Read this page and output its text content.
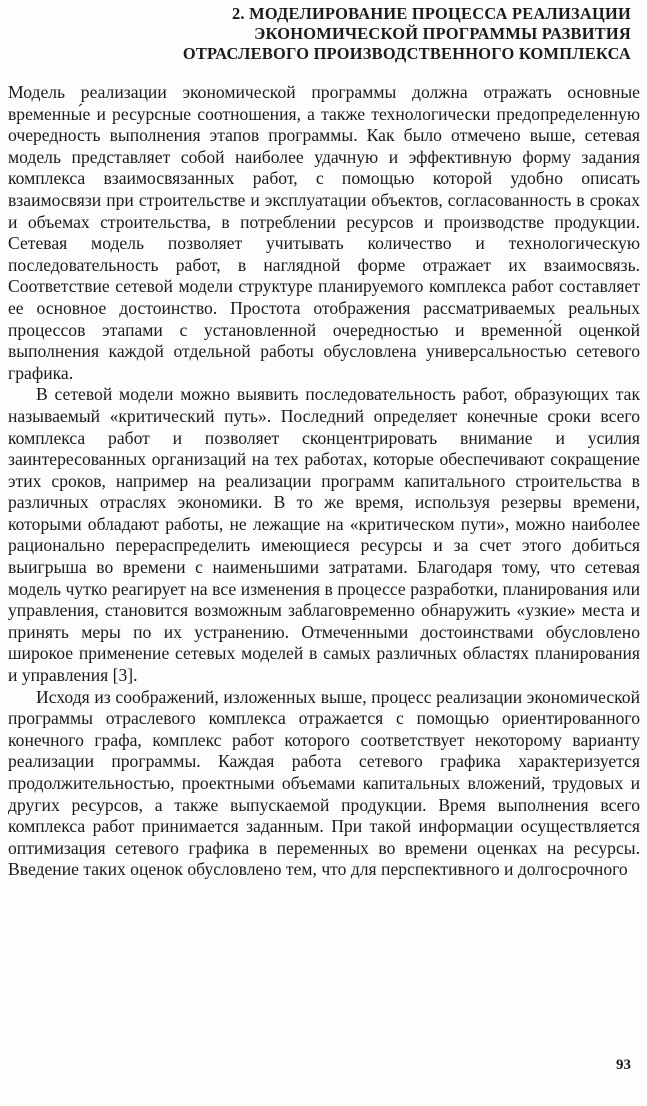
2. МОДЕЛИРОВАНИЕ ПРОЦЕССА РЕАЛИЗАЦИИ
ЭКОНОМИЧЕСКОЙ ПРОГРАММЫ РАЗВИТИЯ
ОТРАСЛЕВОГО ПРОИЗВОДСТВЕННОГО КОМПЛЕКСА

Модель реализации экономической программы должна отражать основные временны́е и ресурсные соотношения, а также технологически предопределенную очередность выполнения этапов программы. Как было отмечено выше, сетевая модель представляет собой наиболее удачную и эффективную форму задания комплекса взаимосвязанных работ, с помощью которой удобно описать взаимосвязи при строительстве и эксплуатации объектов, согласованность в сроках и объемах строительства, в потреблении ресурсов и производстве продукции. Сетевая модель позволяет учитывать количество и технологическую последовательность работ, в наглядной форме отражает их взаимосвязь. Соответствие сетевой модели структуре планируемого комплекса работ составляет ее основное достоинство. Простота отображения рассматриваемых реальных процессов этапами с установленной очередностью и временно́й оценкой выполнения каждой отдельной работы обусловлена универсальностью сетевого графика.

В сетевой модели можно выявить последовательность работ, образующих так называемый «критический путь». Последний определяет конечные сроки всего комплекса работ и позволяет сконцентрировать внимание и усилия заинтересованных организаций на тех работах, которые обеспечивают сокращение этих сроков, например на реализации программ капитального строительства в различных отраслях экономики. В то же время, используя резервы времени, которыми обладают работы, не лежащие на «критическом пути», можно наиболее рационально перераспределить имеющиеся ресурсы и за счет этого добиться выигрыша во времени с наименьшими затратами. Благодаря тому, что сетевая модель чутко реагирует на все изменения в процессе разработки, планирования или управления, становится возможным заблаговременно обнаружить «узкие» места и принять меры по их устранению. Отмеченными достоинствами обусловлено широкое применение сетевых моделей в самых различных областях планирования и управления [3].

Исходя из соображений, изложенных выше, процесс реализации экономической программы отраслевого комплекса отражается с помощью ориентированного конечного графа, комплекс работ которого соответствует некоторому варианту реализации программы. Каждая работа сетевого графика характеризуется продолжительностью, проектными объемами капитальных вложений, трудовых и других ресурсов, а также выпускаемой продукции. Время выполнения всего комплекса работ принимается заданным. При такой информации осуществляется оптимизация сетевого графика в переменных во времени оценках на ресурсы. Введение таких оценок обусловлено тем, что для перспективного и долгосрочного

93
